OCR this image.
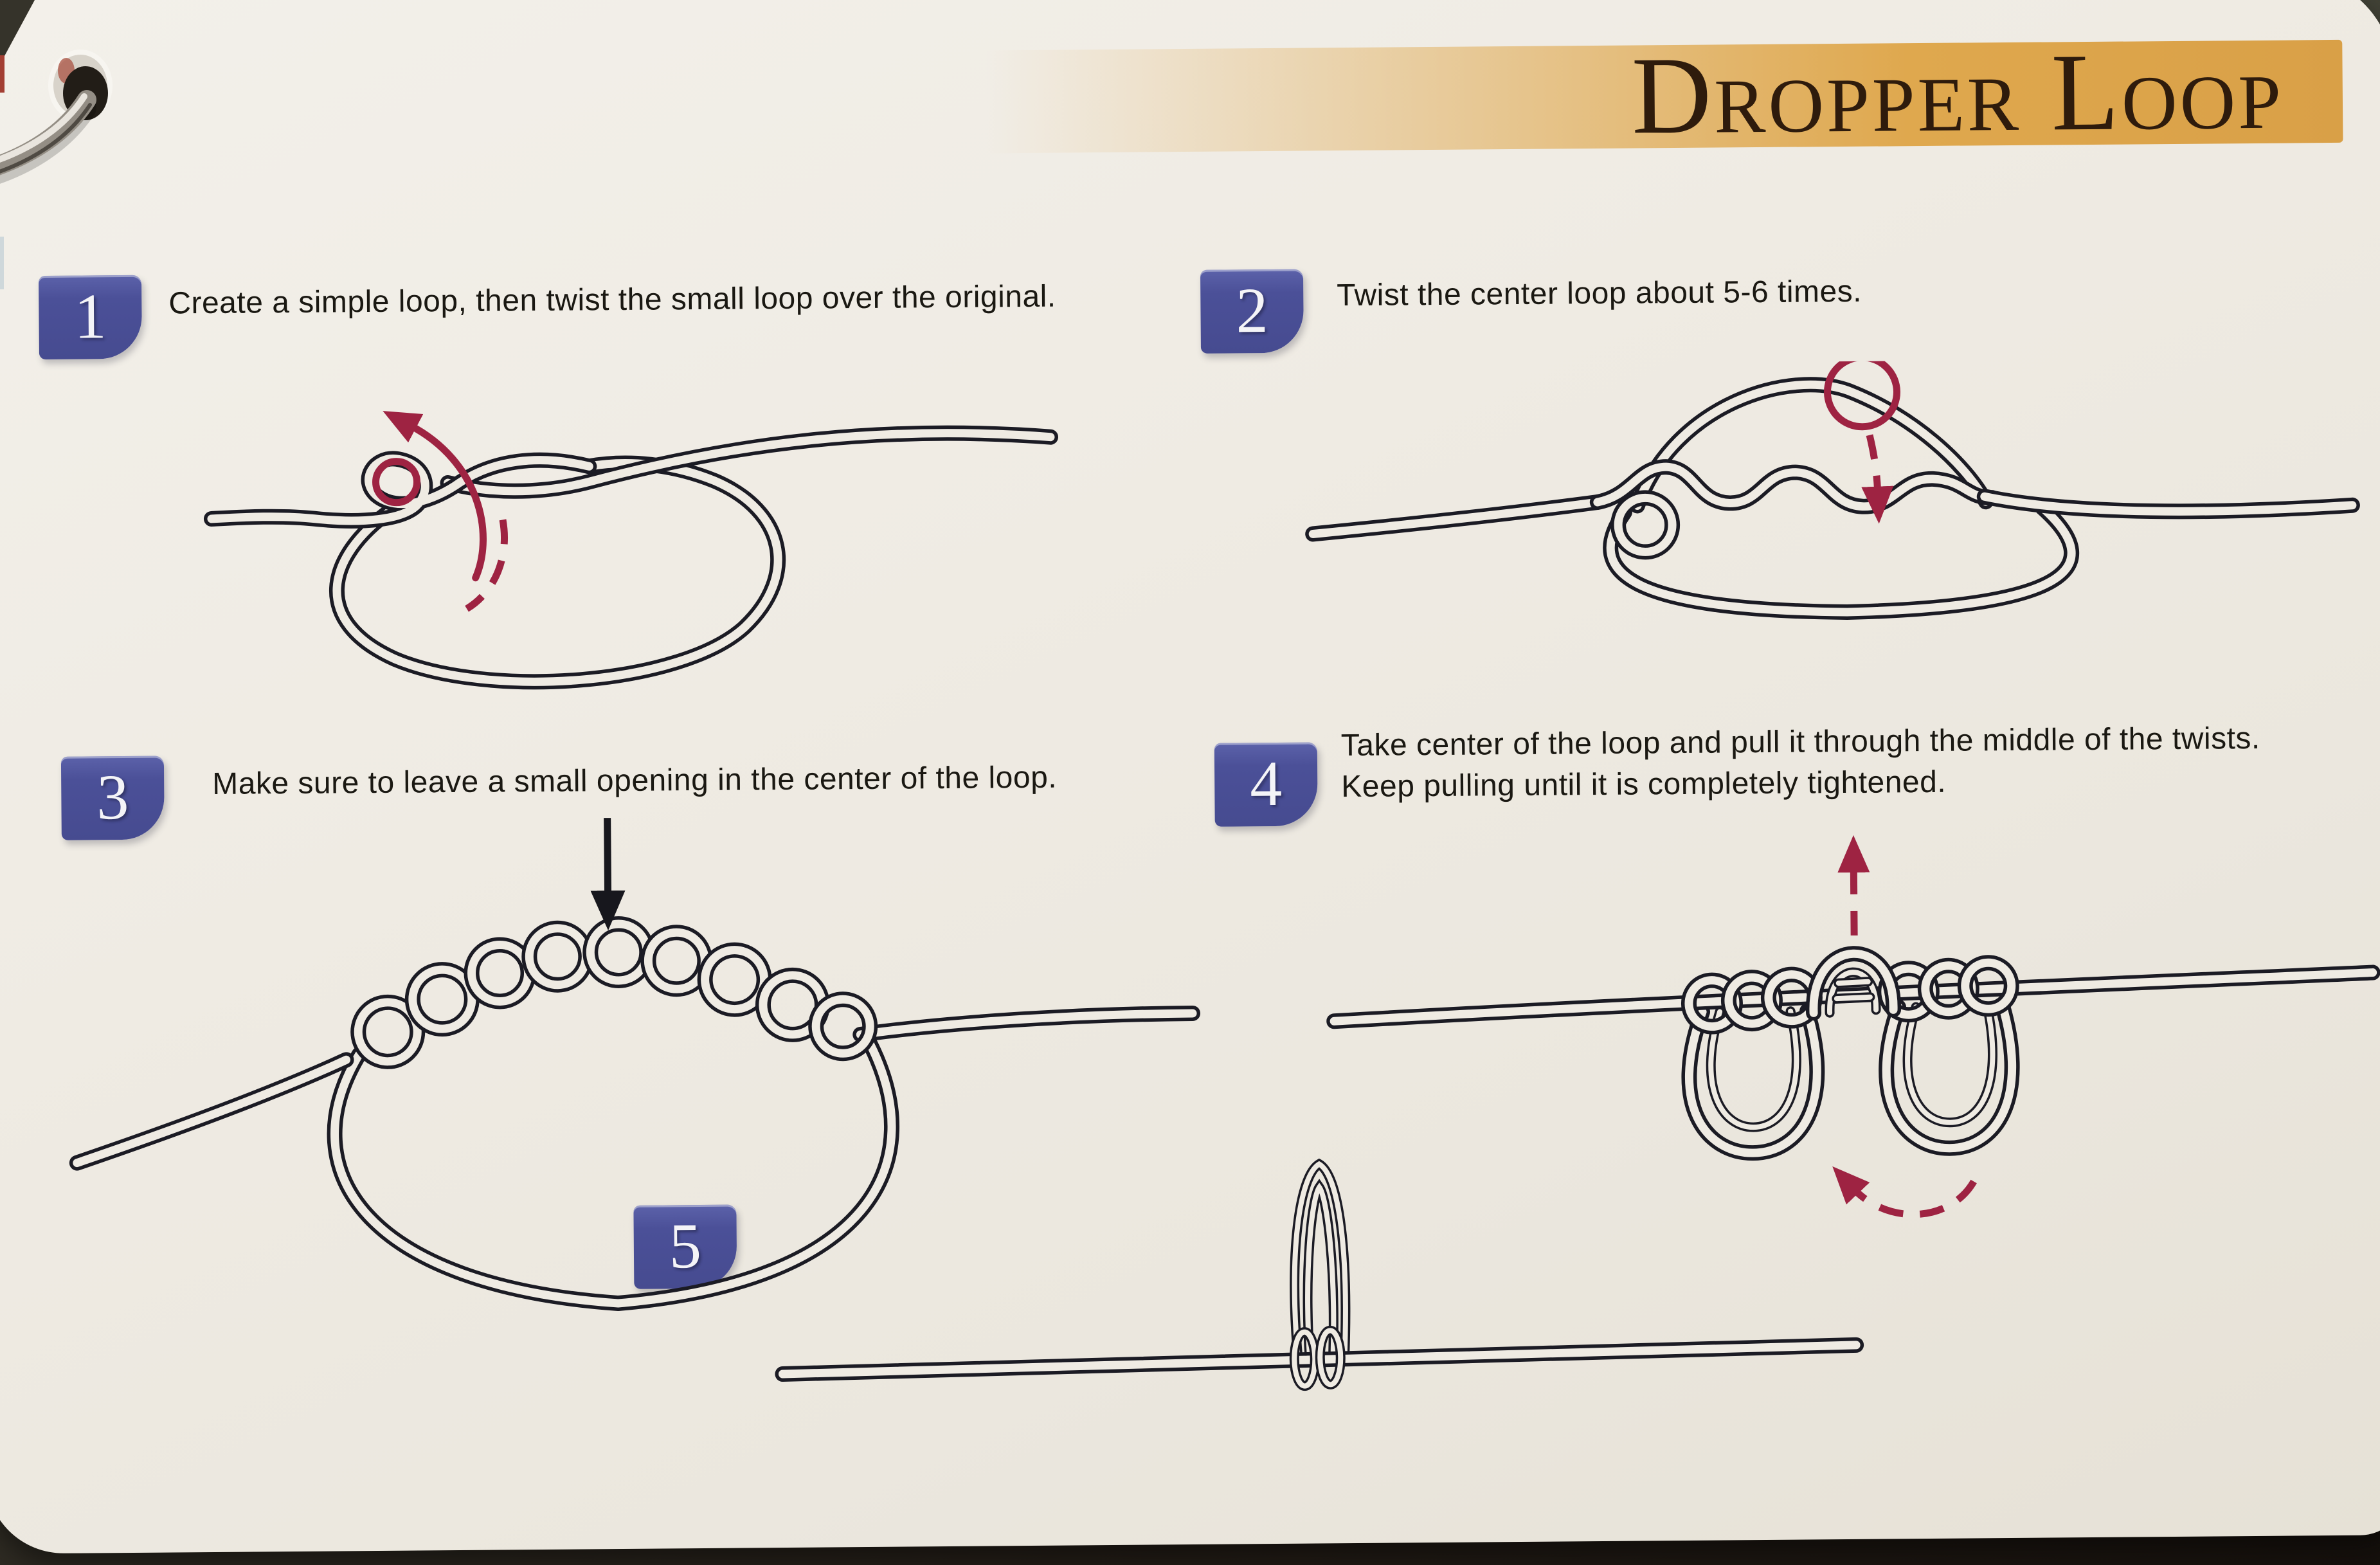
Dropper Loop
1	2
3	4
5
Create a simple loop, then twist the small loop over the original.	Twist the center loop about 5-6 times.
Make sure to leave a small opening in the center of the loop.
Take center of the loop and pull it through the middle of the twists.
Keep pulling until it is completely tightened.
